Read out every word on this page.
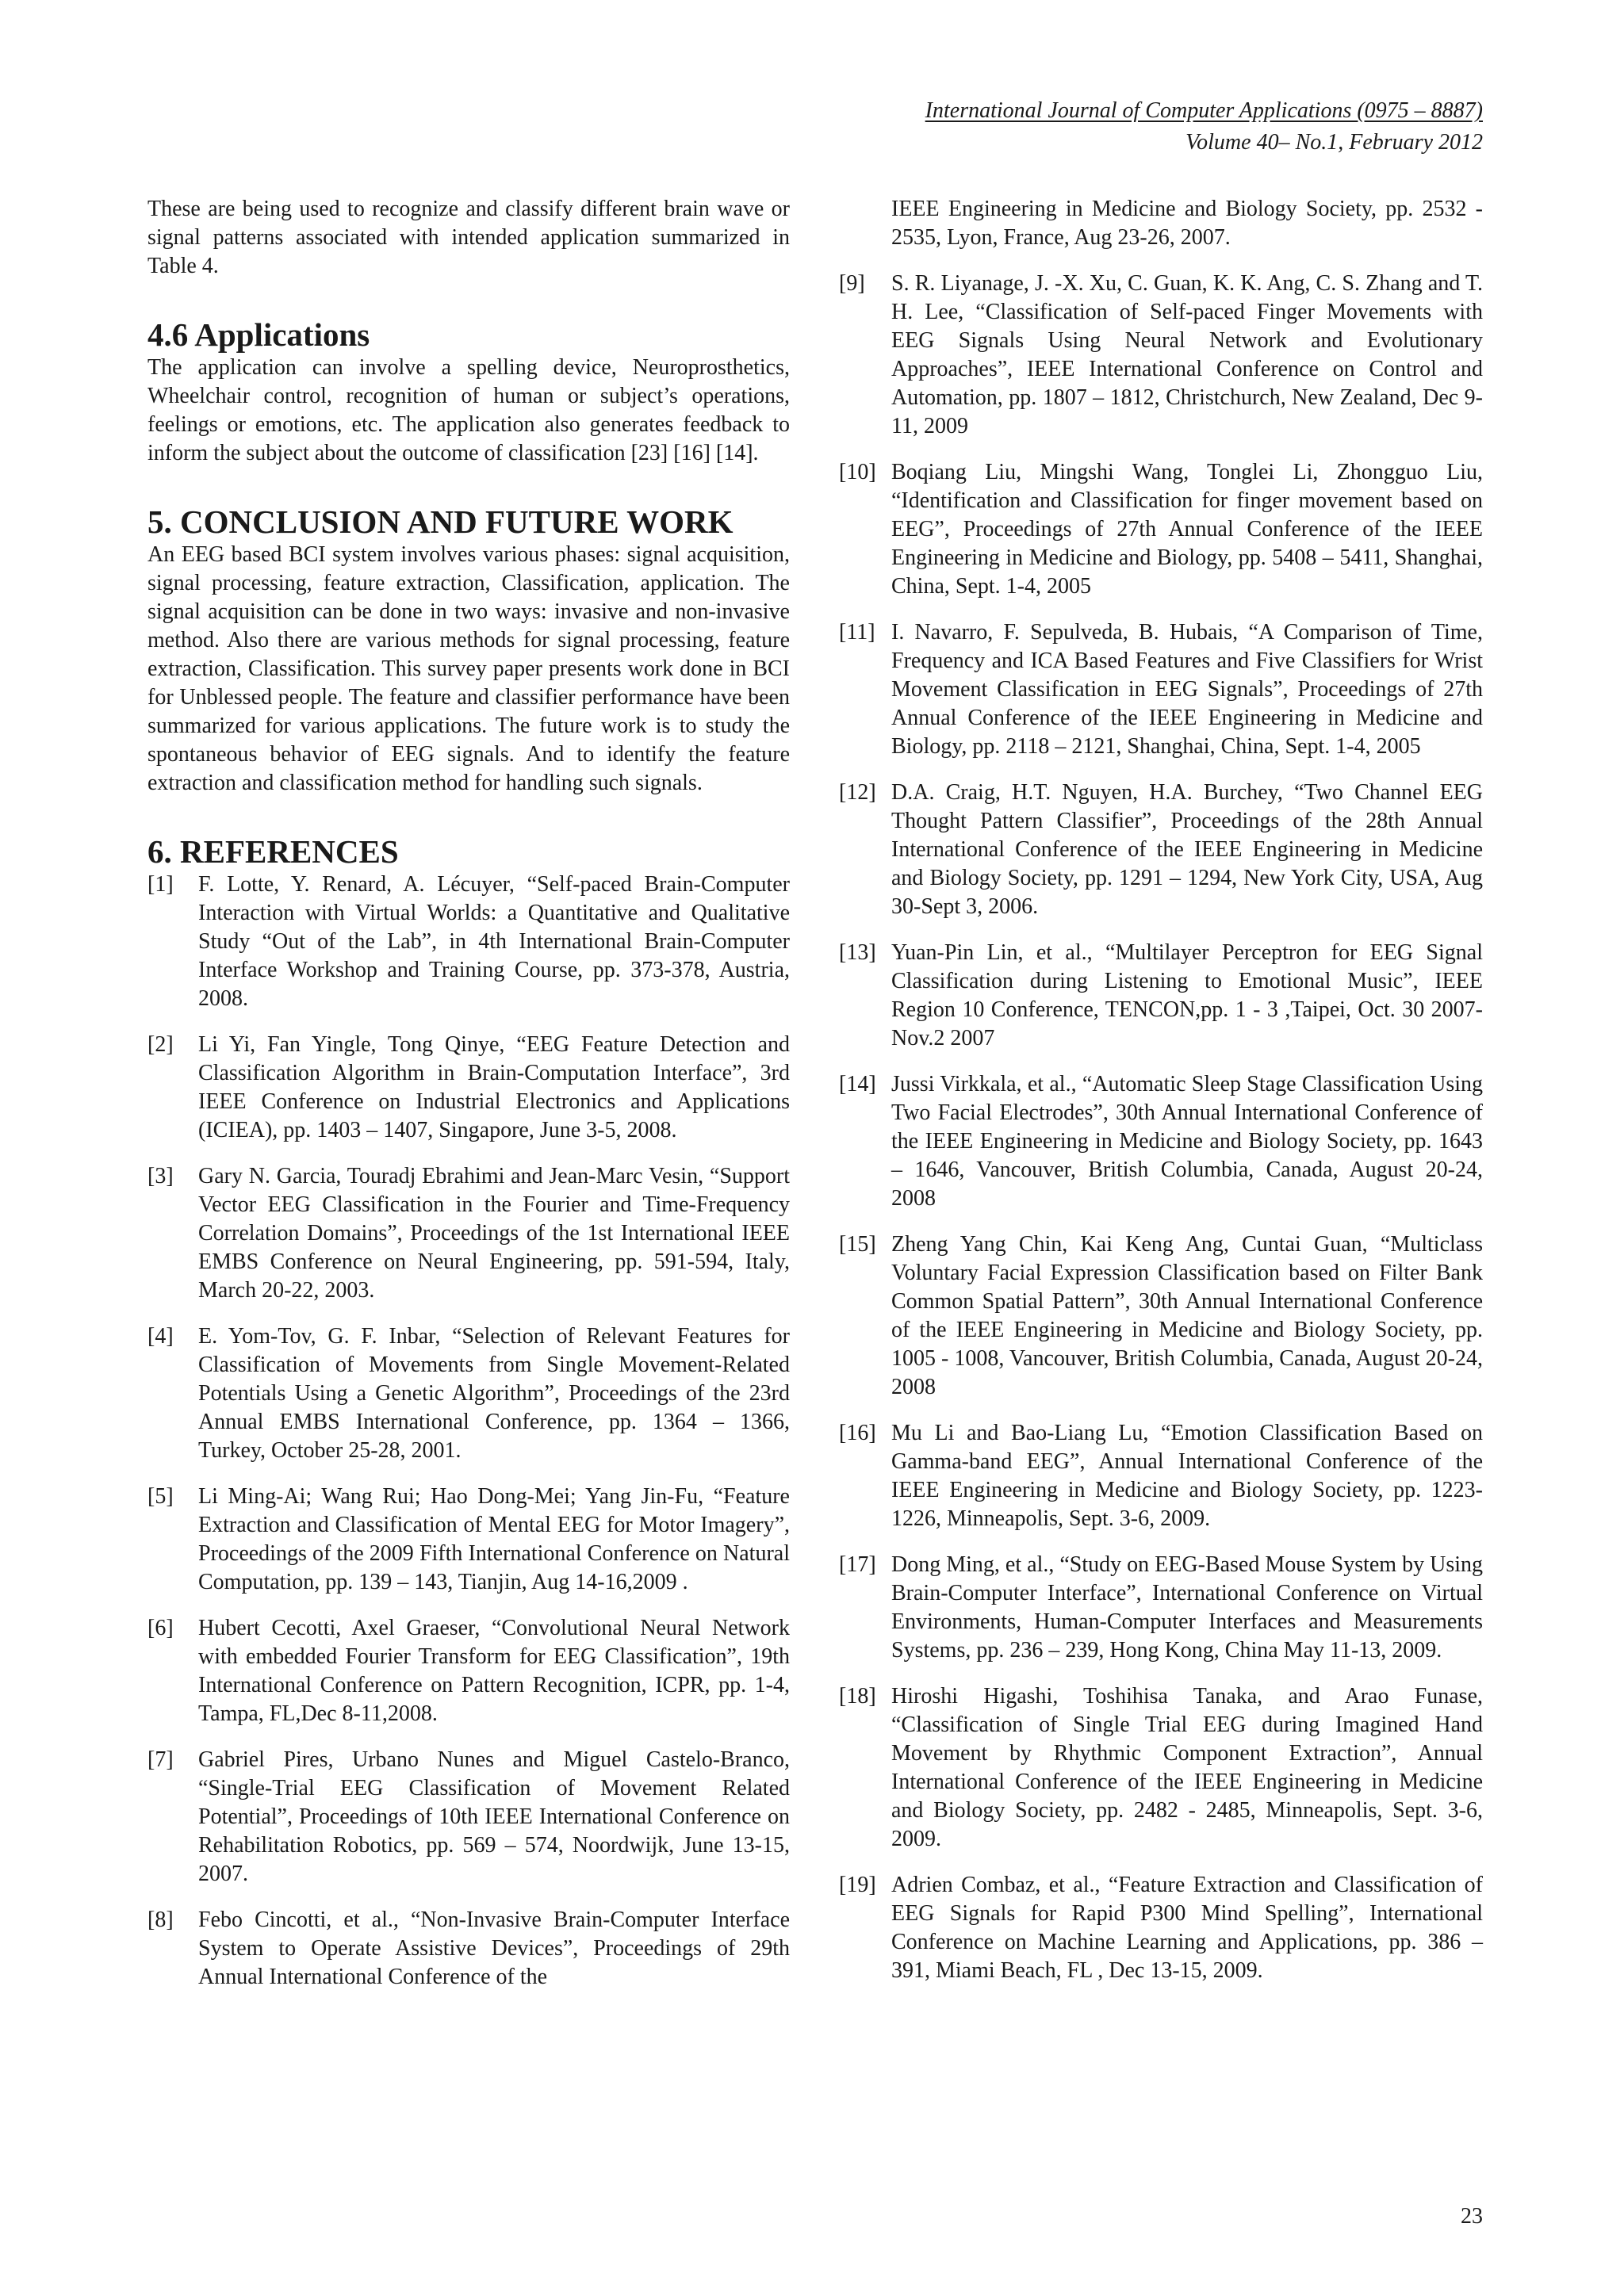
International Journal of Computer Applications (0975 – 8887)
Volume 40– No.1, February 2012

These are being used to recognize and classify different brain wave or signal patterns associated with intended application summarized in Table 4.

4.6 Applications

The application can involve a spelling device, Neuroprosthetics, Wheelchair control, recognition of human or subject’s operations, feelings or emotions, etc. The application also generates feedback to inform the subject about the outcome of classification [23] [16] [14].

5. CONCLUSION AND FUTURE WORK

An EEG based BCI system involves various phases: signal acquisition, signal processing, feature extraction, Classification, application. The signal acquisition can be done in two ways: invasive and non-invasive method. Also there are various methods for signal processing, feature extraction, Classification. This survey paper presents work done in BCI for Unblessed people. The feature and classifier performance have been summarized for various applications. The future work is to study the spontaneous behavior of EEG signals. And to identify the feature extraction and classification method for handling such signals.

6. REFERENCES
[1]	F. Lotte, Y. Renard, A. Lécuyer, “Self-paced Brain-Computer Interaction with Virtual Worlds: a Quantitative and Qualitative Study “Out of the Lab”, in 4th International Brain-Computer Interface Workshop and Training Course, pp. 373-378, Austria, 2008.
[2]	Li Yi, Fan Yingle, Tong Qinye, “EEG Feature Detection and Classification Algorithm in Brain-Computation Interface”, 3rd IEEE Conference on Industrial Electronics and Applications (ICIEA), pp. 1403 – 1407, Singapore, June 3-5, 2008.
[3]	Gary N. Garcia, Touradj Ebrahimi and Jean-Marc Vesin, “Support Vector EEG Classification in the Fourier and Time-Frequency Correlation Domains”, Proceedings of the 1st International IEEE EMBS Conference on Neural Engineering, pp. 591-594, Italy, March 20-22, 2003.
[4]	E. Yom-Tov, G. F. Inbar, “Selection of Relevant Features for Classification of Movements from Single Movement-Related Potentials Using a Genetic Algorithm”, Proceedings of the 23rd Annual EMBS International Conference, pp. 1364 – 1366, Turkey, October 25-28, 2001.
[5]	Li Ming-Ai; Wang Rui; Hao Dong-Mei; Yang Jin-Fu, “Feature Extraction and Classification of Mental EEG for Motor Imagery”, Proceedings of the 2009 Fifth International Conference on Natural Computation, pp. 139 – 143, Tianjin, Aug 14-16,2009 .
[6]	Hubert Cecotti, Axel Graeser, “Convolutional Neural Network with embedded Fourier Transform for EEG Classification”, 19th International Conference on Pattern Recognition, ICPR, pp. 1-4, Tampa, FL,Dec 8-11,2008.
[7]	Gabriel Pires, Urbano Nunes and Miguel Castelo-Branco, “Single-Trial EEG Classification of Movement Related Potential”, Proceedings of 10th IEEE International Conference on Rehabilitation Robotics, pp. 569 – 574, Noordwijk, June 13-15, 2007.
[8]	Febo Cincotti, et al., “Non-Invasive Brain-Computer Interface System to Operate Assistive Devices”, Proceedings of 29th Annual International Conference of the
IEEE Engineering in Medicine and Biology Society, pp. 2532 - 2535, Lyon, France, Aug 23-26, 2007.
[9]	S. R. Liyanage, J. -X. Xu, C. Guan, K. K. Ang, C. S. Zhang and T. H. Lee, “Classification of Self-paced Finger Movements with EEG Signals Using Neural Network and Evolutionary Approaches”, IEEE International Conference on Control and Automation, pp. 1807 – 1812, Christchurch, New Zealand, Dec 9-11, 2009
[10] Boqiang Liu, Mingshi Wang, Tonglei Li, Zhongguo Liu, “Identification and Classification for finger movement based on EEG”, Proceedings of 27th Annual Conference of the IEEE Engineering in Medicine and Biology, pp. 5408 – 5411, Shanghai, China, Sept. 1-4, 2005
[11] I. Navarro, F. Sepulveda, B. Hubais, “A Comparison of Time, Frequency and ICA Based Features and Five Classifiers for Wrist Movement Classification in EEG Signals”, Proceedings of 27th Annual Conference of the IEEE Engineering in Medicine and Biology, pp. 2118 – 2121, Shanghai, China, Sept. 1-4, 2005
[12] D.A. Craig, H.T. Nguyen, H.A. Burchey, “Two Channel EEG Thought Pattern Classifier”, Proceedings of the 28th Annual International Conference of the IEEE Engineering in Medicine and Biology Society, pp. 1291 – 1294, New York City, USA, Aug 30-Sept 3, 2006.
[13] Yuan-Pin Lin, et al., “Multilayer Perceptron for EEG Signal Classification during Listening to Emotional Music”, IEEE Region 10 Conference, TENCON,pp. 1 - 3 ,Taipei, Oct. 30 2007-Nov.2 2007
[14] Jussi Virkkala, et al., “Automatic Sleep Stage Classification Using Two Facial Electrodes”, 30th Annual International Conference of the IEEE Engineering in Medicine and Biology Society, pp. 1643 – 1646, Vancouver, British Columbia, Canada, August 20-24, 2008
[15] Zheng Yang Chin, Kai Keng Ang, Cuntai Guan, “Multiclass Voluntary Facial Expression Classification based on Filter Bank Common Spatial Pattern”, 30th Annual International Conference of the IEEE Engineering in Medicine and Biology Society, pp. 1005 - 1008, Vancouver, British Columbia, Canada, August 20-24, 2008
[16] Mu Li and Bao-Liang Lu, “Emotion Classification Based on Gamma-band EEG”, Annual International Conference of the IEEE Engineering in Medicine and Biology Society, pp. 1223- 1226, Minneapolis, Sept. 3-6, 2009.
[17] Dong Ming, et al., “Study on EEG-Based Mouse System by Using Brain-Computer Interface”, International Conference on Virtual Environments, Human-Computer Interfaces and Measurements Systems, pp. 236 – 239, Hong Kong, China May 11-13, 2009.
[18] Hiroshi Higashi, Toshihisa Tanaka, and Arao Funase, “Classification of Single Trial EEG during Imagined Hand Movement by Rhythmic Component Extraction”, Annual International Conference of the IEEE Engineering in Medicine and Biology Society, pp. 2482 - 2485, Minneapolis, Sept. 3-6, 2009.
[19] Adrien Combaz, et al., “Feature Extraction and Classification of EEG Signals for Rapid P300 Mind Spelling”, International Conference on Machine Learning and Applications, pp. 386 – 391, Miami Beach, FL , Dec 13-15, 2009.
23
